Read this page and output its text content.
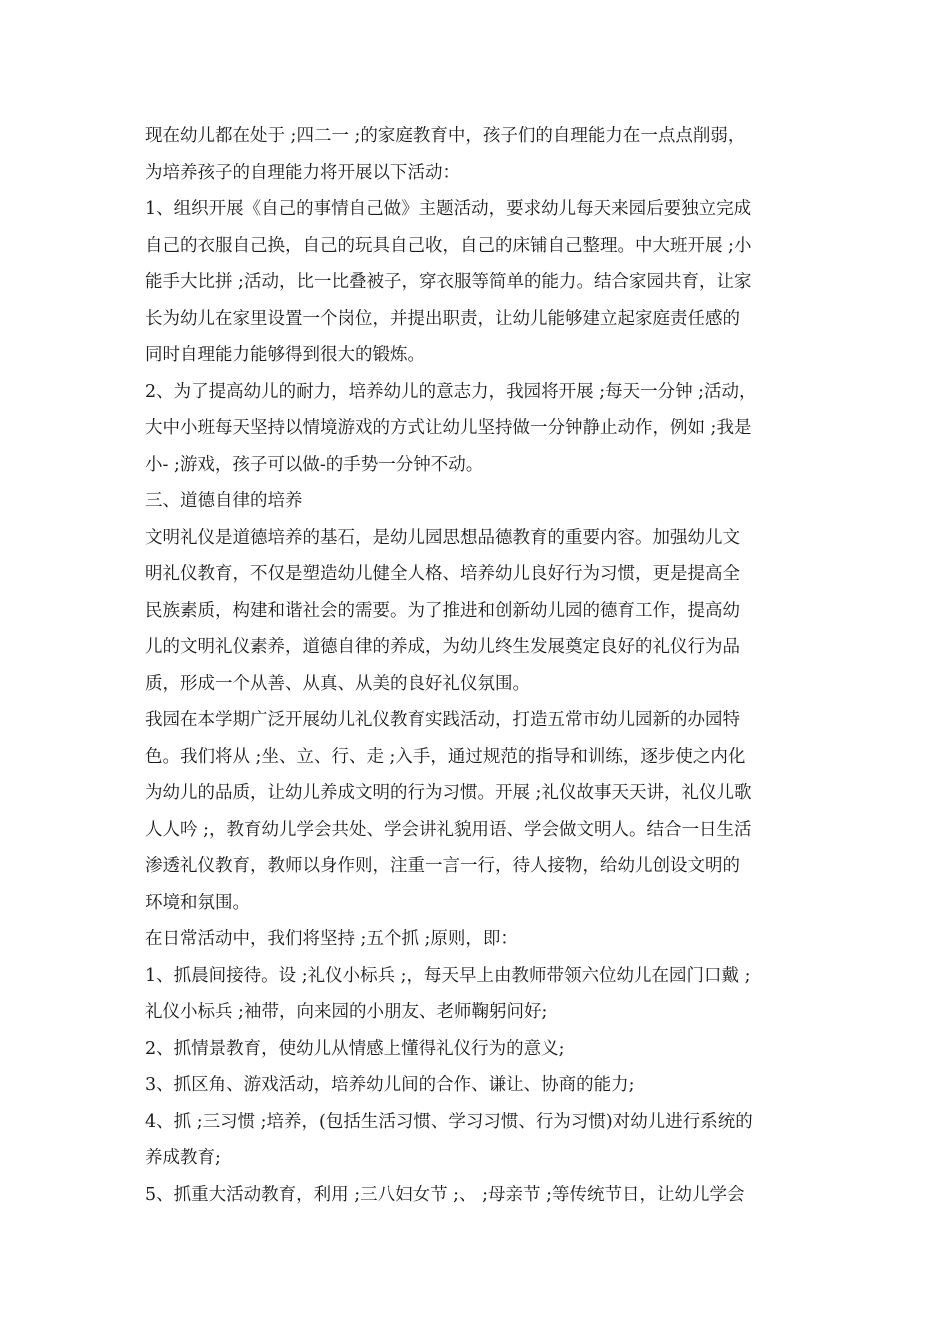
现在幼儿都在处于 ;四二一 ;的家庭教育中，孩子们的自理能力在一点点削弱，
为培养孩子的自理能力将开展以下活动：
1、组织开展《自己的事情自己做》主题活动，要求幼儿每天来园后要独立完成
自己的衣服自己换，自己的玩具自己收，自己的床铺自己整理。中大班开展 ;小
能手大比拼 ;活动，比一比叠被子，穿衣服等简单的能力。结合家园共育，让家
长为幼儿在家里设置一个岗位，并提出职责，让幼儿能够建立起家庭责任感的
同时自理能力能够得到很大的锻炼。
2、为了提高幼儿的耐力，培养幼儿的意志力，我园将开展 ;每天一分钟 ;活动，
大中小班每天坚持以情境游戏的方式让幼儿坚持做一分钟静止动作，例如 ;我是
小- ;游戏，孩子可以做-的手势一分钟不动。
三、道德自律的培养
文明礼仪是道德培养的基石，是幼儿园思想品德教育的重要内容。加强幼儿文
明礼仪教育，不仅是塑造幼儿健全人格、培养幼儿良好行为习惯，更是提高全
民族素质，构建和谐社会的需要。为了推进和创新幼儿园的德育工作，提高幼
儿的文明礼仪素养，道德自律的养成，为幼儿终生发展奠定良好的礼仪行为品
质，形成一个从善、从真、从美的良好礼仪氛围。
我园在本学期广泛开展幼儿礼仪教育实践活动，打造五常市幼儿园新的办园特
色。我们将从 ;坐、立、行、走 ;入手，通过规范的指导和训练，逐步使之内化
为幼儿的品质，让幼儿养成文明的行为习惯。开展 ;礼仪故事天天讲，礼仪儿歌
人人吟 ;，教育幼儿学会共处、学会讲礼貌用语、学会做文明人。结合一日生活
渗透礼仪教育，教师以身作则，注重一言一行，待人接物，给幼儿创设文明的
环境和氛围。
在日常活动中，我们将坚持 ;五个抓 ;原则，即：
1、抓晨间接待。设 ;礼仪小标兵 ;，每天早上由教师带领六位幼儿在园门口戴 ;
礼仪小标兵 ;袖带，向来园的小朋友、老师鞠躬问好;
2、抓情景教育，使幼儿从情感上懂得礼仪行为的意义;
3、抓区角、游戏活动，培养幼儿间的合作、谦让、协商的能力;
4、抓 ;三习惯 ;培养，(包括生活习惯、学习习惯、行为习惯)对幼儿进行系统的
养成教育;
5、抓重大活动教育，利用 ;三八妇女节 ;、 ;母亲节 ;等传统节日，让幼儿学会
